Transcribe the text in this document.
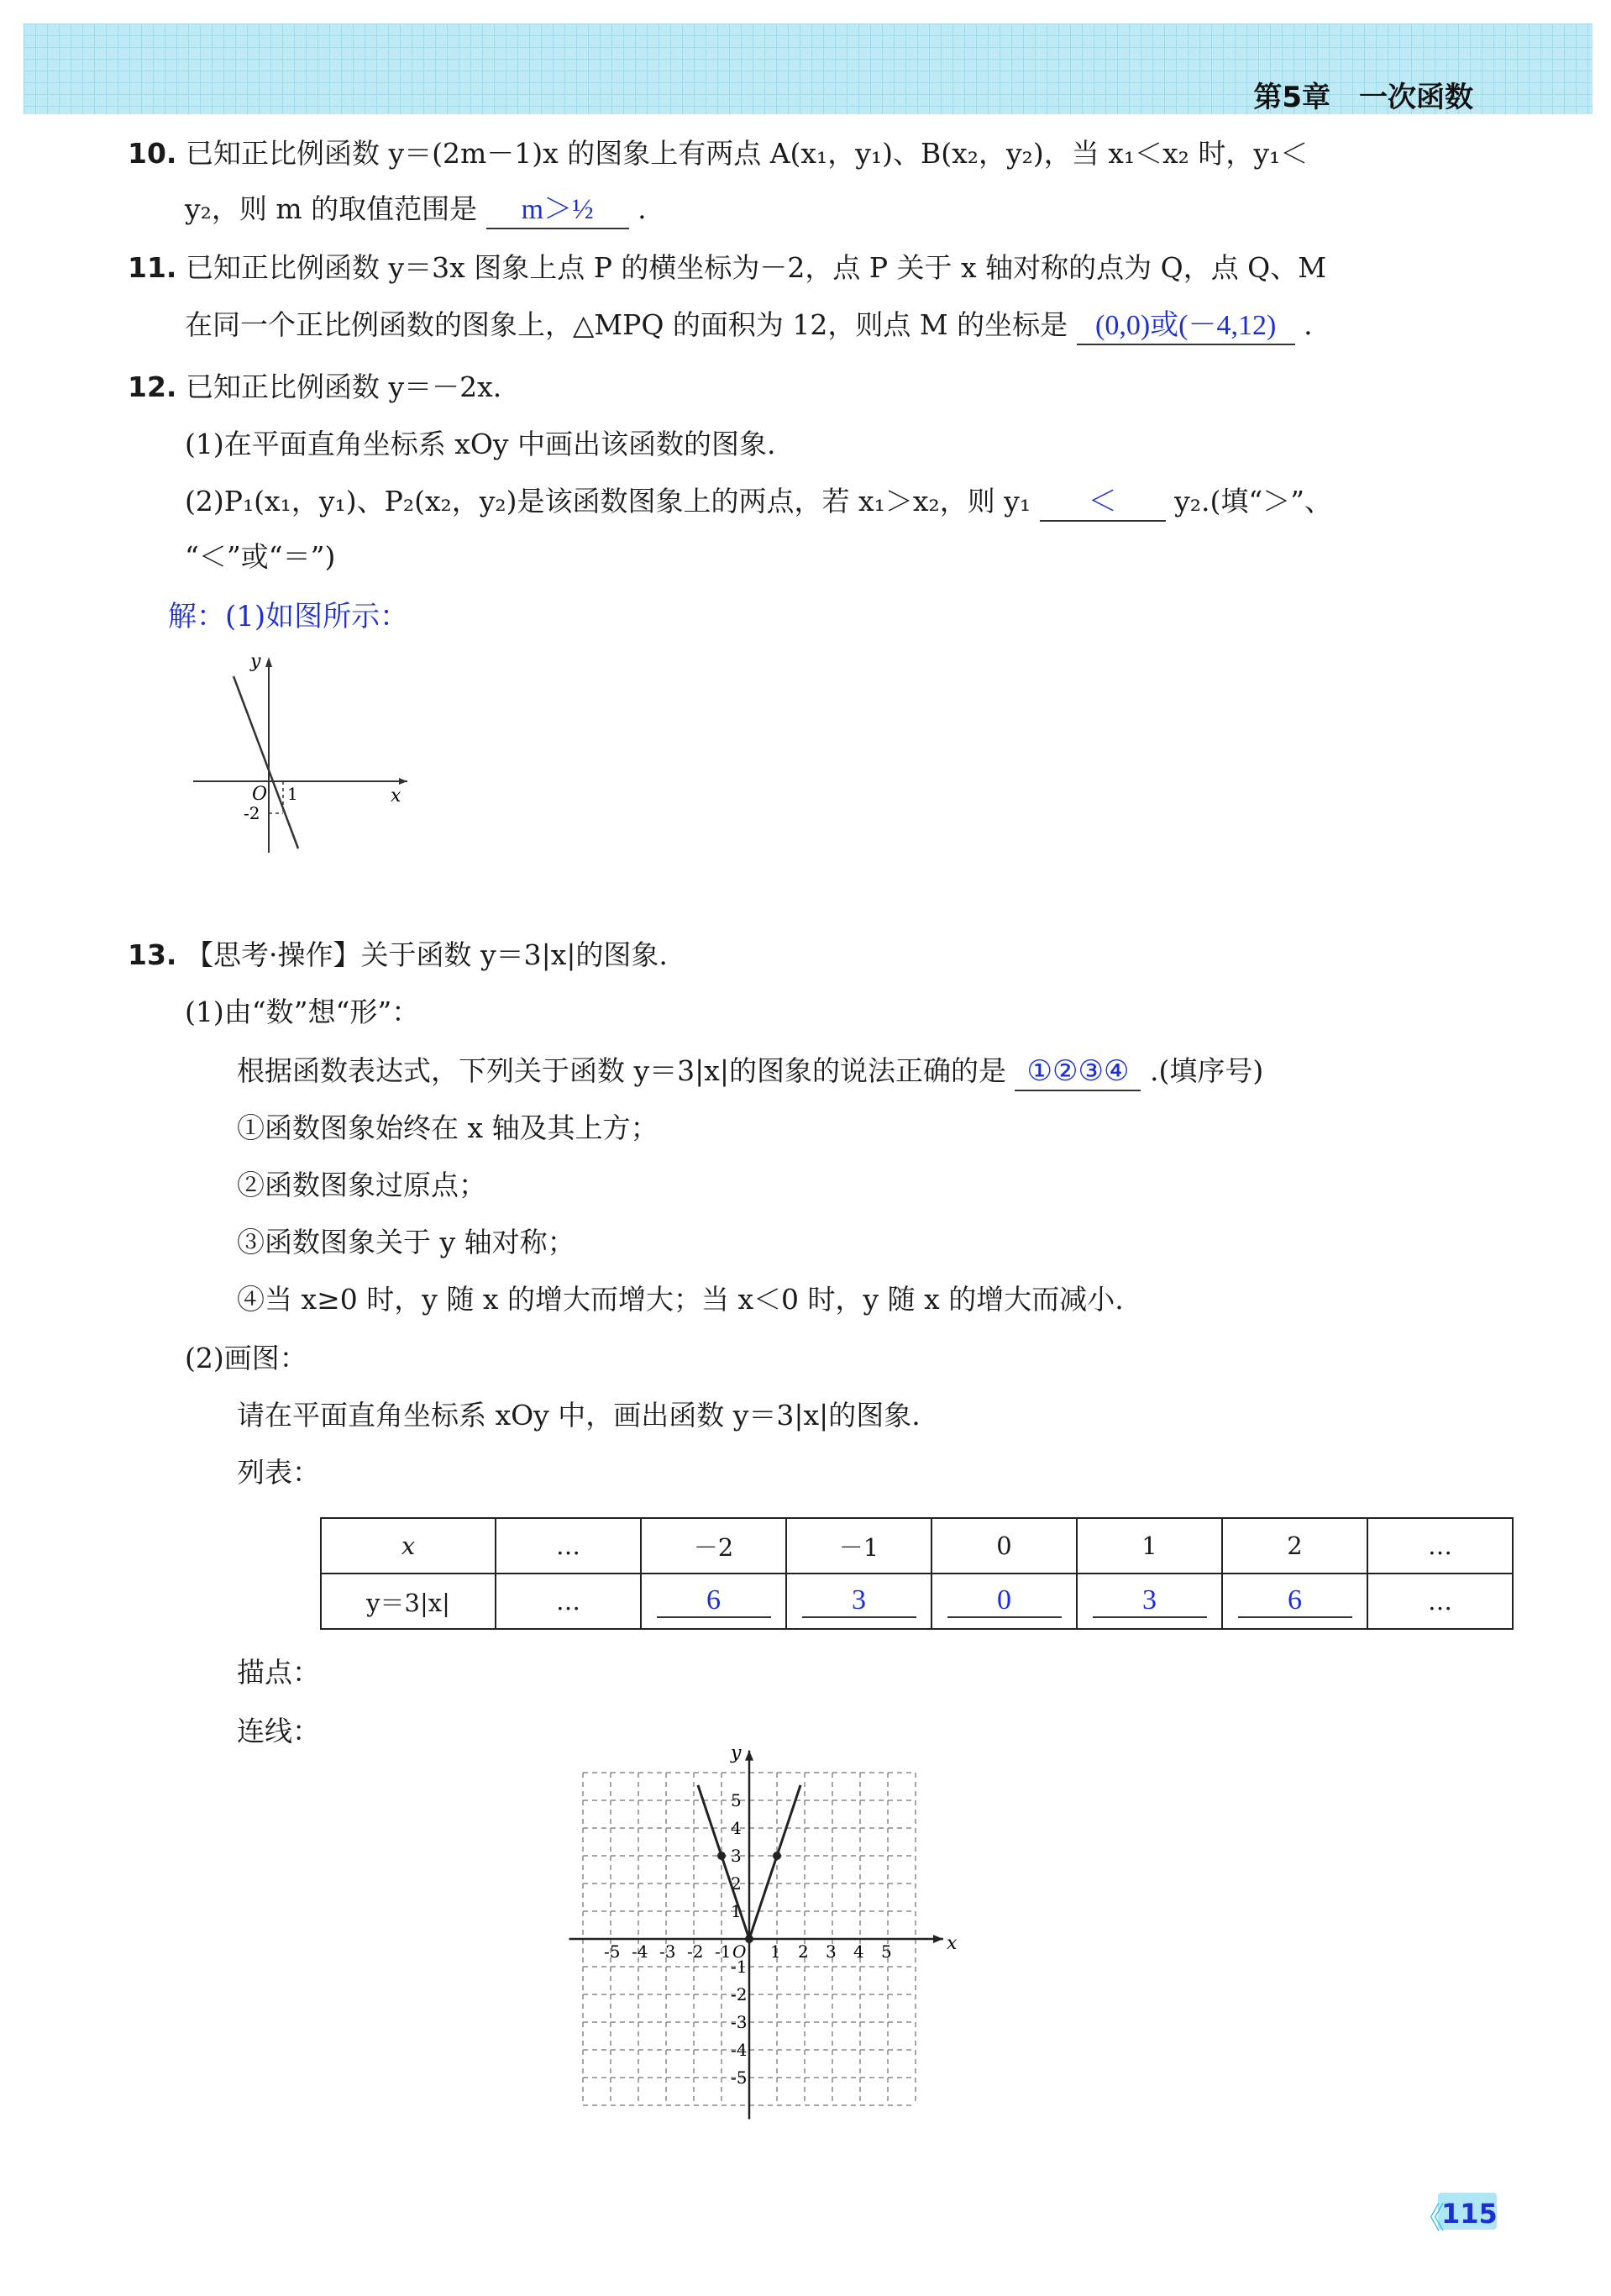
第5章　一次函数
10. 已知正比例函数 y＝(2m－1)x 的图象上有两点 A(x₁，y₁)、B(x₂，y₂)，当 x₁＜x₂ 时，y₁＜
y₂，则 m 的取值范围是 m＞½ .
11. 已知正比例函数 y＝3x 图象上点 P 的横坐标为－2，点 P 关于 x 轴对称的点为 Q，点 Q、M
在同一个正比例函数的图象上，△MPQ 的面积为 12，则点 M 的坐标是 (0,0)或(－4,12) .
12. 已知正比例函数 y＝－2x.
(1)在平面直角坐标系 xOy 中画出该函数的图象.
(2)P₁(x₁，y₁)、P₂(x₂，y₂)是该函数图象上的两点，若 x₁＞x₂，则 y₁ ＜ y₂.(填“＞”、
“＜”或“＝”)
解：(1)如图所示：
y
x
O 1
-2
13. 【思考·操作】关于函数 y＝3|x|的图象.
(1)由“数”想“形”：
根据函数表达式，下列关于函数 y＝3|x|的图象的说法正确的是 ①②③④ .(填序号)
①函数图象始终在 x 轴及其上方；
②函数图象过原点；
③函数图象关于 y 轴对称；
④当 x≥0 时，y 随 x 的增大而增大；当 x＜0 时，y 随 x 的增大而减小.
(2)画图：
请在平面直角坐标系 xOy 中，画出函数 y＝3|x|的图象.
列表：
x	…	－2	－1	0	1	2	…
y＝3|x|	…	6	3	0	3	6	…
描点：
连线：
x
y
O
-5 -4 -3 -2 -1 1 2 3 4 5
5
4
3
2
1
-1
-2
-3
-4
-5
《
115
